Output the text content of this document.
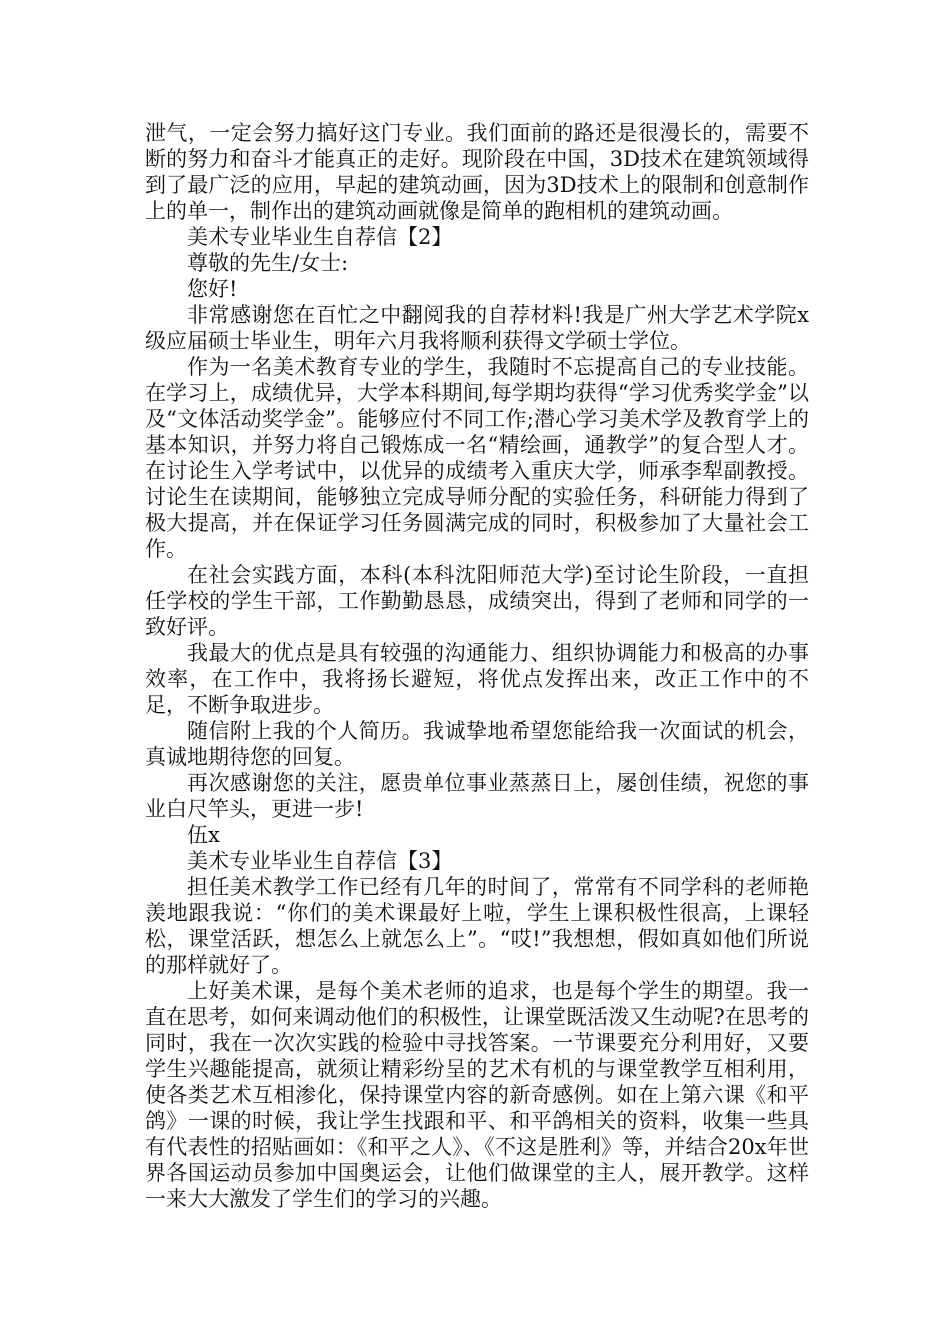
泄气，一定会努力搞好这门专业。我们面前的路还是很漫长的，需要不断的努力和奋斗才能真正的走好。现阶段在中国，3D技术在建筑领域得到了最广泛的应用，早起的建筑动画，因为3D技术上的限制和创意制作上的单一，制作出的建筑动画就像是简单的跑相机的建筑动画。

美术专业毕业生自荐信【2】

尊敬的先生/女士:

您好!

非常感谢您在百忙之中翻阅我的自荐材料!我是广州大学艺术学院x级应届硕士毕业生，明年六月我将顺利获得文学硕士学位。

作为一名美术教育专业的学生，我随时不忘提高自己的专业技能。在学习上，成绩优异，大学本科期间,每学期均获得“学习优秀奖学金”以及“文体活动奖学金”。能够应付不同工作;潜心学习美术学及教育学上的基本知识，并努力将自己锻炼成一名“精绘画，通教学”的复合型人才。在讨论生入学考试中，以优异的成绩考入重庆大学，师承李犁副教授。讨论生在读期间，能够独立完成导师分配的实验任务，科研能力得到了极大提高，并在保证学习任务圆满完成的同时，积极参加了大量社会工作。

在社会实践方面，本科(本科沈阳师范大学)至讨论生阶段，一直担任学校的学生干部，工作勤勤恳恳，成绩突出，得到了老师和同学的一致好评。

我最大的优点是具有较强的沟通能力、组织协调能力和极高的办事效率，在工作中，我将扬长避短，将优点发挥出来，改正工作中的不足，不断争取进步。

随信附上我的个人简历。我诚挚地希望您能给我一次面试的机会，真诚地期待您的回复。

再次感谢您的关注，愿贵单位事业蒸蒸日上，屡创佳绩，祝您的事业白尺竿头，更进一步!

伍x

美术专业毕业生自荐信【3】

担任美术教学工作已经有几年的时间了，常常有不同学科的老师艳羡地跟我说：“你们的美术课最好上啦，学生上课积极性很高，上课轻松，课堂活跃，想怎么上就怎么上”。“哎!”我想想，假如真如他们所说的那样就好了。

上好美术课，是每个美术老师的追求，也是每个学生的期望。我一直在思考，如何来调动他们的积极性，让课堂既活泼又生动呢?在思考的同时，我在一次次实践的检验中寻找答案。一节课要充分利用好，又要学生兴趣能提高，就须让精彩纷呈的艺术有机的与课堂教学互相利用，使各类艺术互相渗化，保持课堂内容的新奇感例。如在上第六课《和平鸽》一课的时候，我让学生找跟和平、和平鸽相关的资料，收集一些具有代表性的招贴画如：《和平之人》、《不这是胜利》等，并结合20x年世界各国运动员参加中国奥运会，让他们做课堂的主人，展开教学。这样一来大大激发了学生们的学习的兴趣。
